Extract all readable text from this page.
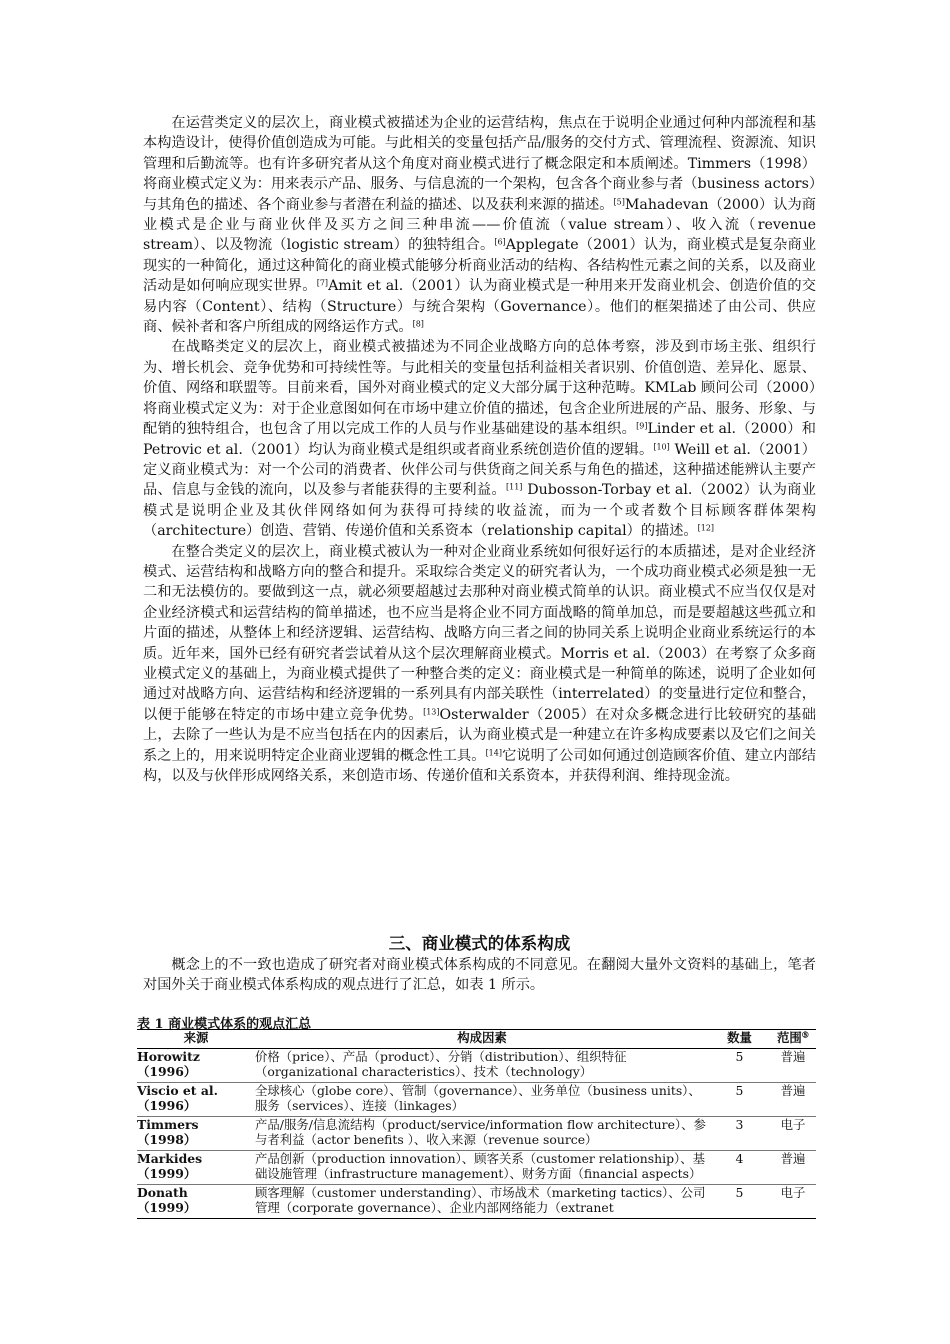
在运营类定义的层次上，商业模式被描述为企业的运营结构，焦点在于说明企业通过何种内部流程和基本构造设计，使得价值创造成为可能。与此相关的变量包括产品/服务的交付方式、管理流程、资源流、知识管理和后勤流等。也有许多研究者从这个角度对商业模式进行了概念限定和本质阐述。Timmers（1998）将商业模式定义为：用来表示产品、服务、与信息流的一个架构，包含各个商业参与者（business actors）与其角色的描述、各个商业参与者潜在利益的描述、以及获利来源的描述。[5]Mahadevan（2000）认为商业模式是企业与商业伙伴及买方之间三种串流——价值流（value stream）、收入流（revenue stream）、以及物流（logistic stream）的独特组合。[6]Applegate（2001）认为，商业模式是复杂商业现实的一种简化，通过这种简化的商业模式能够分析商业活动的结构、各结构性元素之间的关系，以及商业活动是如何响应现实世界。[7]Amit et al.（2001）认为商业模式是一种用来开发商业机会、创造价值的交易内容（Content）、结构（Structure）与统合架构（Governance）。他们的框架描述了由公司、供应商、候补者和客户所组成的网络运作方式。[8]

在战略类定义的层次上，商业模式被描述为不同企业战略方向的总体考察，涉及到市场主张、组织行为、增长机会、竞争优势和可持续性等。与此相关的变量包括利益相关者识别、价值创造、差异化、愿景、价值、网络和联盟等。目前来看，国外对商业模式的定义大部分属于这种范畴。KMLab 顾问公司（2000）将商业模式定义为：对于企业意图如何在市场中建立价值的描述，包含企业所进展的产品、服务、形象、与配销的独特组合，也包含了用以完成工作的人员与作业基础建设的基本组织。[9]Linder et al.（2000）和 Petrovic et al.（2001）均认为商业模式是组织或者商业系统创造价值的逻辑。[10] Weill et al.（2001）定义商业模式为：对一个公司的消费者、伙伴公司与供货商之间关系与角色的描述，这种描述能辨认主要产品、信息与金钱的流向，以及参与者能获得的主要利益。[11] Dubosson-Torbay et al.（2002）认为商业模式是说明企业及其伙伴网络如何为获得可持续的收益流，而为一个或者数个目标顾客群体架构（architecture）创造、营销、传递价值和关系资本（relationship capital）的描述。[12]

在整合类定义的层次上，商业模式被认为一种对企业商业系统如何很好运行的本质描述，是对企业经济模式、运营结构和战略方向的整合和提升。采取综合类定义的研究者认为，一个成功商业模式必须是独一无二和无法模仿的。要做到这一点，就必须要超越过去那种对商业模式简单的认识。商业模式不应当仅仅是对企业经济模式和运营结构的简单描述，也不应当是将企业不同方面战略的简单加总，而是要超越这些孤立和片面的描述，从整体上和经济逻辑、运营结构、战略方向三者之间的协同关系上说明企业商业系统运行的本质。近年来，国外已经有研究者尝试着从这个层次理解商业模式。Morris et al.（2003）在考察了众多商业模式定义的基础上，为商业模式提供了一种整合类的定义：商业模式是一种简单的陈述，说明了企业如何通过对战略方向、运营结构和经济逻辑的一系列具有内部关联性（interrelated）的变量进行定位和整合，以便于能够在特定的市场中建立竞争优势。[13]Osterwalder（2005）在对众多概念进行比较研究的基础上，去除了一些认为是不应当包括在内的因素后，认为商业模式是一种建立在许多构成要素以及它们之间关系之上的，用来说明特定企业商业逻辑的概念性工具。[14]它说明了公司如何通过创造顾客价值、建立内部结构，以及与伙伴形成网络关系，来创造市场、传递价值和关系资本，并获得利润、维持现金流。

三、商业模式的体系构成

概念上的不一致也造成了研究者对商业模式体系构成的不同意见。在翻阅大量外文资料的基础上，笔者对国外关于商业模式体系构成的观点进行了汇总，如表 1 所示。

表 1 商业模式体系的观点汇总
来源	构成因素	数量	范围⑤

Horowitz
（1996）	价格（price）、产品（product）、分销（distribution）、组织特征（organizational characteristics）、技术（technology）	5	普遍

Viscio et al.
（1996）	全球核心（globe core）、管制（governance）、业务单位（business units）、服务（services）、连接（linkages）	5	普遍

Timmers
（1998）	产品/服务/信息流结构（product/service/information flow architecture）、参与者利益（actor benefits ）、收入来源（revenue source）	3	电子

Markides
（1999）	产品创新（production innovation）、顾客关系（customer relationship）、基础设施管理（infrastructure management）、财务方面（financial aspects）	4	普遍

Donath
（1999）	顾客理解（customer understanding）、市场战术（marketing tactics）、公司管理（corporate governance）、企业内部网络能力（extranet	5	电子
